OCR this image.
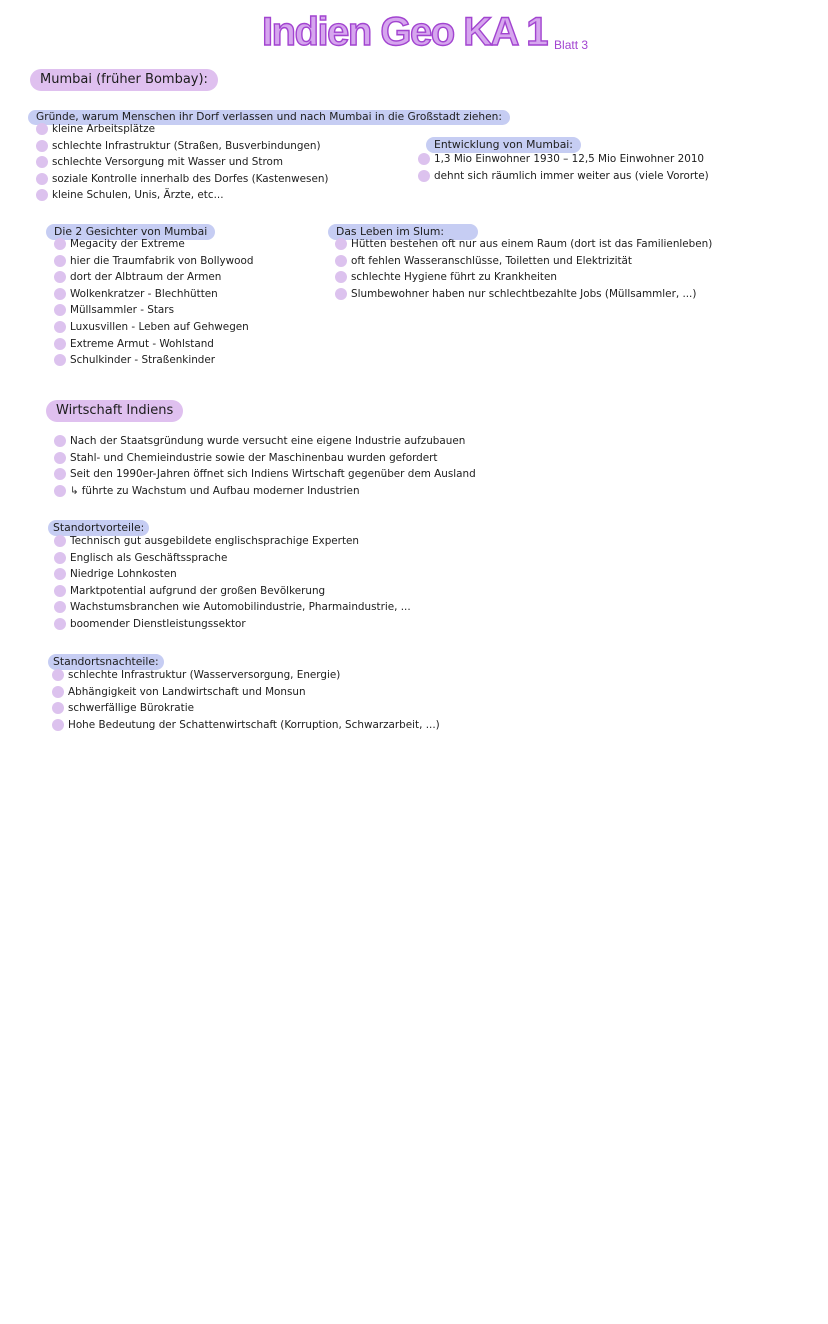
Indien Geo KA 1 Blatt 3
Mumbai (früher Bombay):
Gründe, warum Menschen ihr Dorf verlassen und nach Mumbai in die Großstadt ziehen:
kleine Arbeitsplätze
schlechte Infrastruktur (Straßen, Busverbindungen)
schlechte Versorgung mit Wasser und Strom
soziale Kontrolle innerhalb des Dorfes (Kastenwesen)
kleine Schulen, Unis, Ärzte, etc...
Entwicklung von Mumbai:
1,3 Mio Einwohner 1930 – 12,5 Mio Einwohner 2010
dehnt sich räumlich immer weiter aus (viele Vororte)
Die 2 Gesichter von Mumbai
Megacity der Extreme
hier die Traumfabrik von Bollywood
dort der Albtraum der Armen
Wolkenkratzer - Blechhütten
Müllsammler - Stars
Luxusvillen - Leben auf Gehwegen
Extreme Armut - Wohlstand
Schulkinder - Straßenkinder
Das Leben im Slum:
Hütten bestehen oft nur aus einem Raum (dort ist das Familienleben)
oft fehlen Wasseranschlüsse, Toiletten und Elektrizität
schlechte Hygiene führt zu Krankheiten
Slumbewohner haben nur schlechtbezahlte Jobs (Müllsammler, ...)
Wirtschaft Indiens
Nach der Staatsgründung wurde versucht eine eigene Industrie aufzubauen
Stahl- und Chemieindustrie sowie der Maschinenbau wurden gefordert
Seit den 1990er-Jahren öffnet sich Indiens Wirtschaft gegenüber dem Ausland
↳ führte zu Wachstum und Aufbau moderner Industrien
Standortvorteile:
Technisch gut ausgebildete englischsprachige Experten
Englisch als Geschäftssprache
Niedrige Lohnkosten
Marktpotential aufgrund der großen Bevölkerung
Wachstumsbranchen wie Automobilindustrie, Pharmaindustrie, ...
boomender Dienstleistungssektor
Standortsnachteile:
schlechte Infrastruktur (Wasserversorgung, Energie)
Abhängigkeit von Landwirtschaft und Monsun
schwerfällige Bürokratie
Hohe Bedeutung der Schattenwirtschaft (Korruption, Schwarzarbeit, ...)
